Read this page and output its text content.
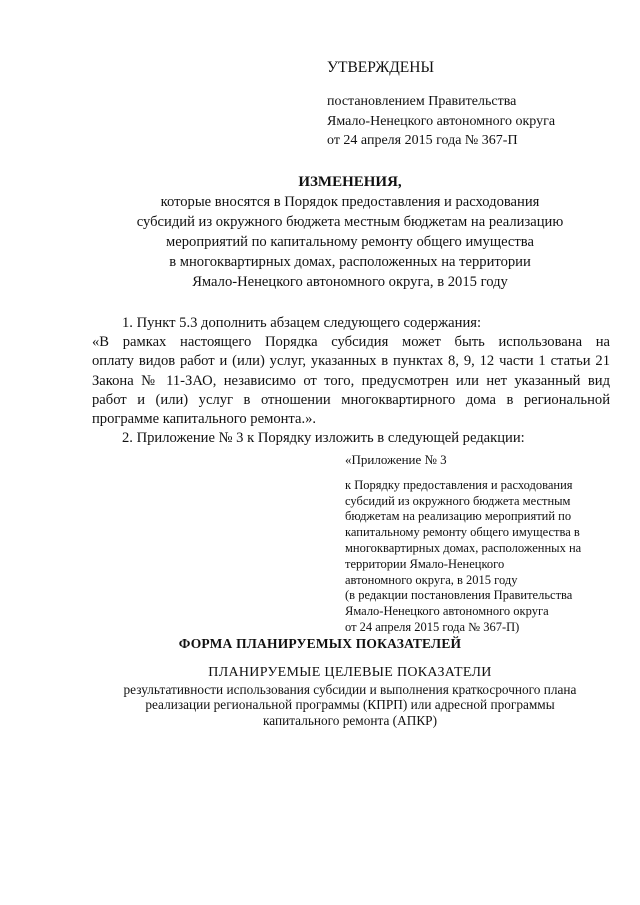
УТВЕРЖДЕНЫ
постановлением Правительства
Ямало-Ненецкого автономного округа
от 24 апреля 2015 года № 367-П
ИЗМЕНЕНИЯ,
которые вносятся в Порядок предоставления и расходования
субсидий из окружного бюджета местным бюджетам на реализацию
мероприятий по капитальному ремонту общего имущества
в многоквартирных домах, расположенных на территории
Ямало-Ненецкого автономного округа, в 2015 году

1. Пункт 5.3 дополнить абзацем следующего содержания:

«В рамках настоящего Порядка субсидия может быть использована на
оплату видов работ и (или) услуг, указанных в пунктах 8, 9, 12 части 1 статьи 21
Закона № 11-ЗАО, независимо от того, предусмотрен или нет указанный вид
работ и (или) услуг в отношении многоквартирного дома в региональной
программе капитального ремонта.».

2. Приложение № 3 к Порядку изложить в следующей редакции:

«Приложение № 3
к Порядку предоставления и расходования
субсидий из окружного бюджета местным
бюджетам на реализацию мероприятий по
капитальному ремонту общего имущества в
многоквартирных домах, расположенных на
территории Ямало-Ненецкого
автономного округа, в 2015 году
(в редакции постановления Правительства
Ямало-Ненецкого автономного округа
от 24 апреля 2015 года № 367-П)
ФОРМА ПЛАНИРУЕМЫХ ПОКАЗАТЕЛЕЙ
ПЛАНИРУЕМЫЕ ЦЕЛЕВЫЕ ПОКАЗАТЕЛИ
результативности использования субсидии и выполнения краткосрочного плана
реализации региональной программы (КПРП) или адресной программы
капитального ремонта (АПКР)
